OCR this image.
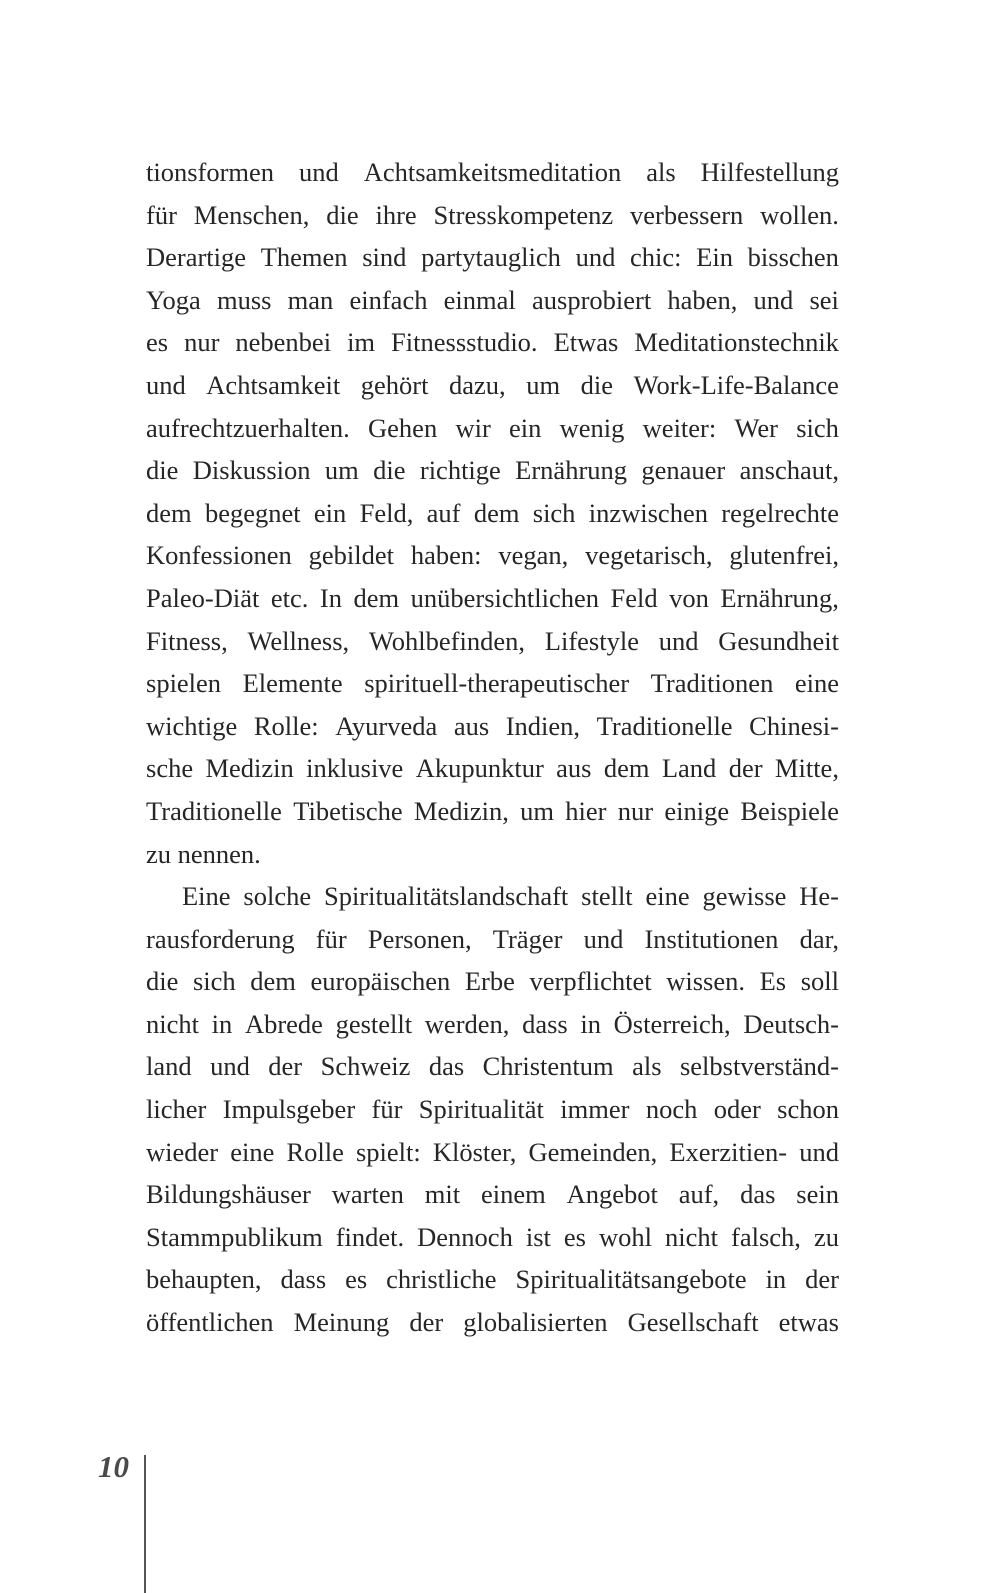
tionsformen und Achtsamkeitsmeditation als Hilfestellung
für Menschen, die ihre Stresskompetenz verbessern wollen.
Derartige Themen sind partytauglich und chic: Ein bisschen
Yoga muss man einfach einmal ausprobiert haben, und sei
es nur nebenbei im Fitnessstudio. Etwas Meditationstechnik
und Achtsamkeit gehört dazu, um die Work-Life-Balance
aufrechtzuerhalten. Gehen wir ein wenig weiter: Wer sich
die Diskussion um die richtige Ernährung genauer anschaut,
dem begegnet ein Feld, auf dem sich inzwischen regelrechte
Konfessionen gebildet haben: vegan, vegetarisch, glutenfrei,
Paleo-Diät etc. In dem unübersichtlichen Feld von Ernährung,
Fitness, Wellness, Wohlbefinden, Lifestyle und Gesundheit
spielen Elemente spirituell-therapeutischer Traditionen eine
wichtige Rolle: Ayurveda aus Indien, Traditionelle Chinesi-
sche Medizin inklusive Akupunktur aus dem Land der Mitte,
Traditionelle Tibetische Medizin, um hier nur einige Beispiele
zu nennen.
Eine solche Spiritualitätslandschaft stellt eine gewisse He-
rausforderung für Personen, Träger und Institutionen dar,
die sich dem europäischen Erbe verpflichtet wissen. Es soll
nicht in Abrede gestellt werden, dass in Österreich, Deutsch-
land und der Schweiz das Christentum als selbstverständ-
licher Impulsgeber für Spiritualität immer noch oder schon
wieder eine Rolle spielt: Klöster, Gemeinden, Exerzitien- und
Bildungshäuser warten mit einem Angebot auf, das sein
Stammpublikum findet. Dennoch ist es wohl nicht falsch, zu
behaupten, dass es christliche Spiritualitätsangebote in der
öffentlichen Meinung der globalisierten Gesellschaft etwas
10
